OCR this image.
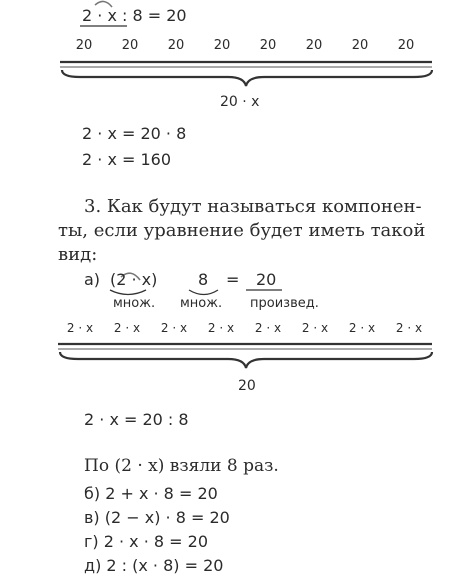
2 · x : 8 = 20
20	20	20	20	20	20	20	20
20 · x
2 · x = 20 · 8
2 · x = 160
3. Как будут называться компонен-
ты, если уравнение будет иметь такой
вид:
а) (2 · x)	8 = 20
множ. множ. произвед.
2 · x	2 · x	2 · x	2 · x	2 · x	2 · x	2 · x	2 · x
20
2 · x = 20 : 8
По (2 · x) взяли 8 раз.
б) 2 + x · 8 = 20
в) (2 − x) · 8 = 20
г) 2 · x · 8 = 20
д) 2 : (x · 8) = 20
